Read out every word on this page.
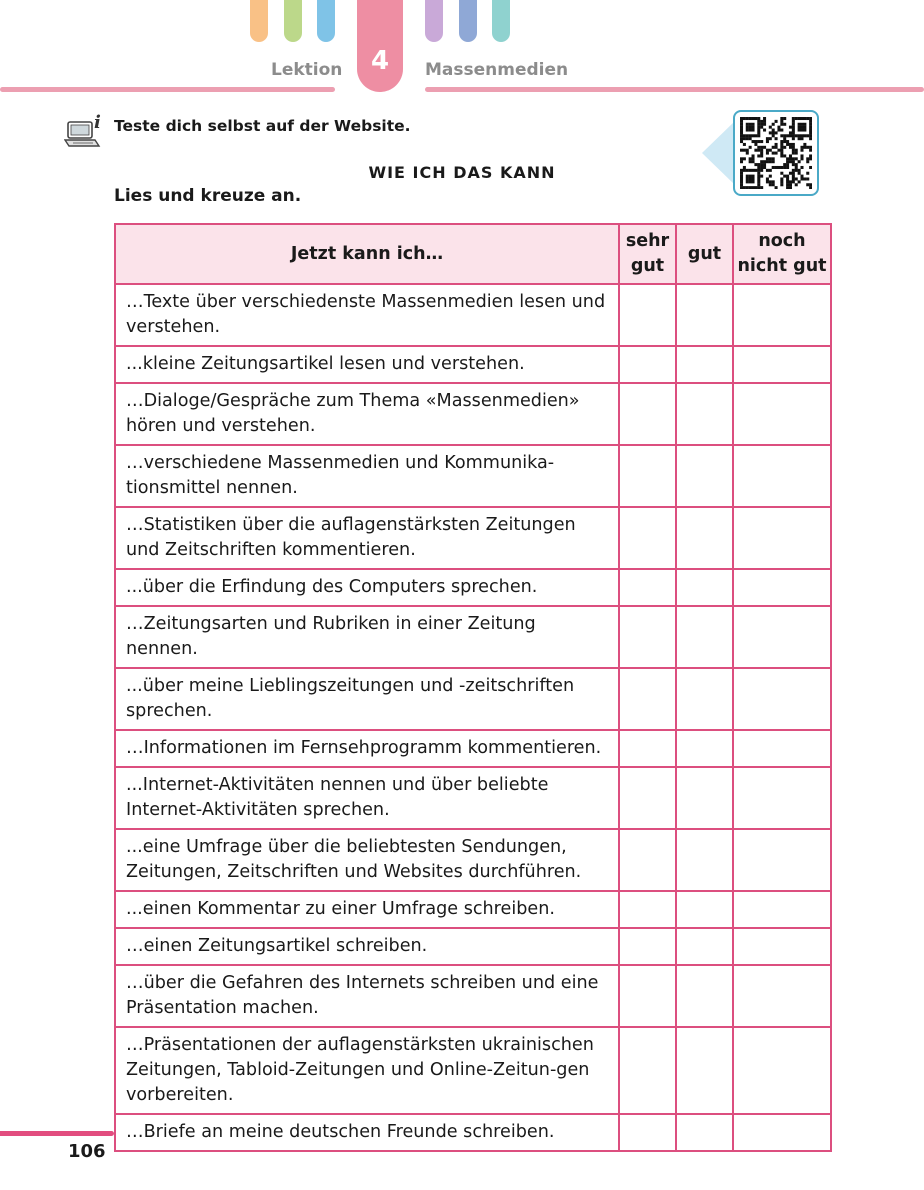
4
Lektion	Massenmedien
i Teste dich selbst auf der Website.
WIE ICH DAS KANN
Lies und kreuze an.
Jetzt kann ich…	sehr gut	gut	noch nicht gut
…Texte über verschiedenste Massenmedien lesen und verstehen.			
...kleine Zeitungsartikel lesen und verstehen.			
…Dialoge/Gespräche zum Thema «Massenmedien» hören und verstehen.			
…verschiedene Massenmedien und Kommunika-tionsmittel nennen.			
…Statistiken über die auflagenstärksten Zeitungen und Zeitschriften kommentieren.			
...über die Erfindung des Computers sprechen.			
…Zeitungsarten und Rubriken in einer Zeitung nennen.			
...über meine Lieblingszeitungen und -zeitschriften sprechen.			
…Informationen im Fernsehprogramm kommentieren.			
...Internet-Aktivitäten nennen und über beliebte Internet-Aktivitäten sprechen.			
...eine Umfrage über die beliebtesten Sendungen, Zeitungen, Zeitschriften und Websites durchführen.			
...einen Kommentar zu einer Umfrage schreiben.			
…einen Zeitungsartikel schreiben.			
…über die Gefahren des Internets schreiben und eine Präsentation machen.			
…Präsentationen der auflagenstärksten ukrainischen Zeitungen, Tabloid-Zeitungen und Online-Zeitun-gen vorbereiten.			
…Briefe an meine deutschen Freunde schreiben.			
106
